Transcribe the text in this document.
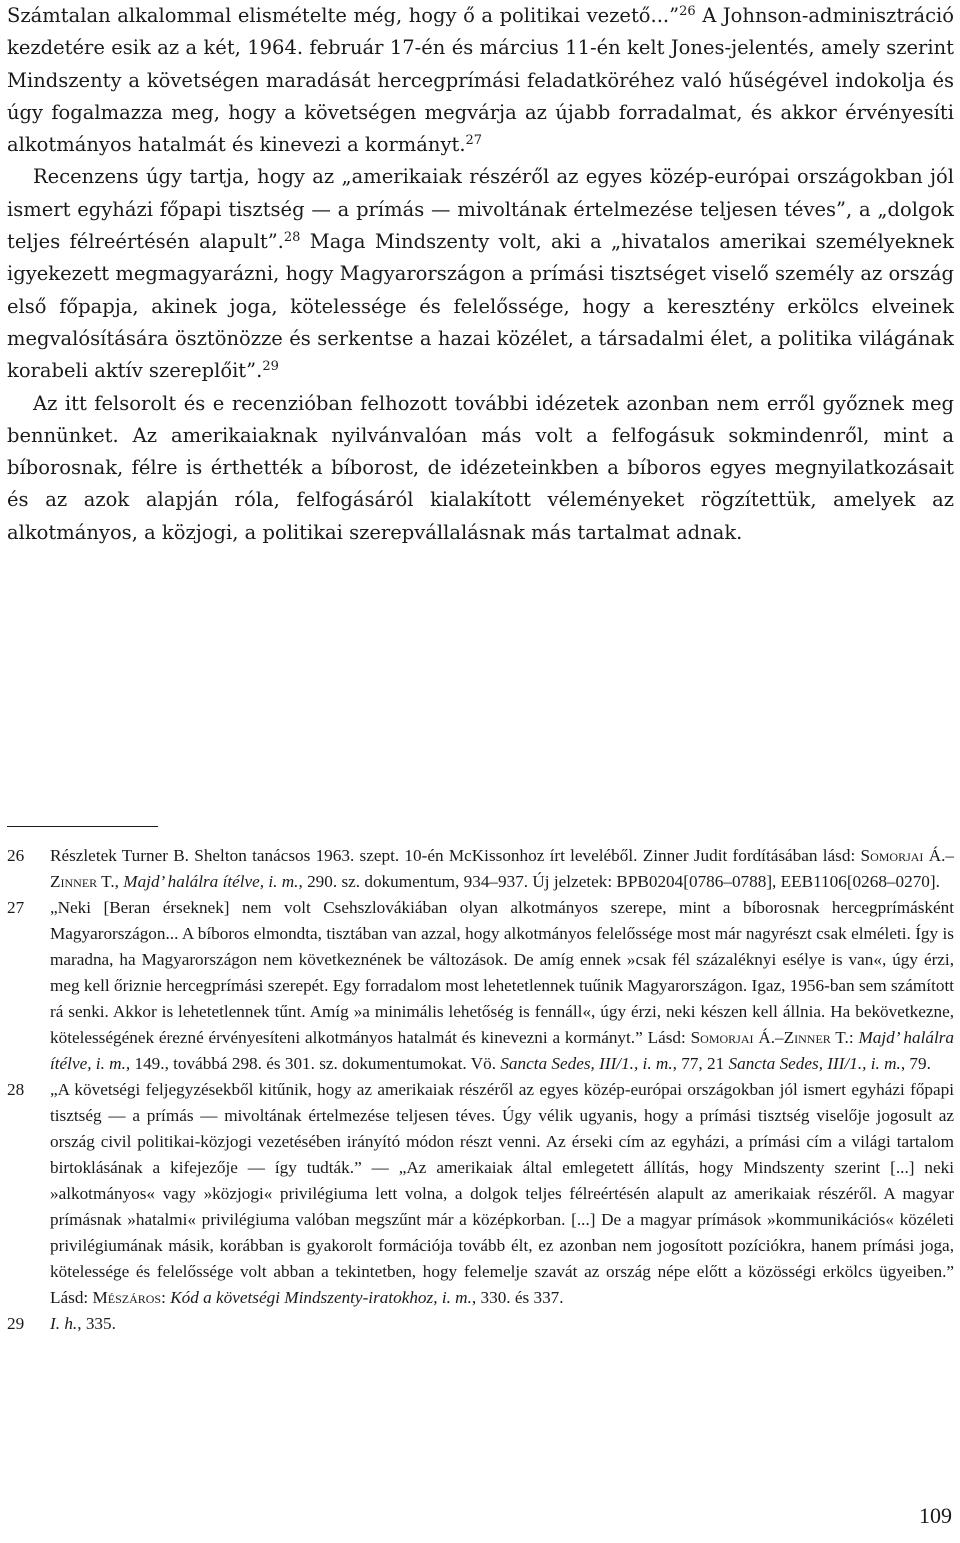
Számtalan alkalommal elismételte még, hogy ő a politikai vezető...”$^{26}$ A Johnson-adminisztráció kezdetére esik az a két, 1964. február 17-én és március 11-én kelt Jones-jelentés, amely szerint Mindszenty a követségen maradását hercegprímási feladatköréhez való hűségével indokolja és úgy fogalmazza meg, hogy a követségen megvárja az újabb forradalmat, és akkor érvényesíti alkotmányos hatalmát és kinevezi a kormányt.$^{27}$

Recenzens úgy tartja, hogy az „amerikaiak részéről az egyes közép-európai országokban jól ismert egyházi főpapi tisztség — a prímás — mivoltának értelmezése teljesen téves”, a „dolgok teljes félreértésén alapult”.$^{28}$ Maga Mindszenty volt, aki a „hivatalos amerikai személyeknek igyekezett megmagyarázni, hogy Magyarországon a prímási tisztséget viselő személy az ország első főpapja, akinek joga, kötelessége és felelőssége, hogy a keresztény erkölcs elveinek megvalósítására ösztönözze és serkentse a hazai közélet, a társadalmi élet, a politika világának korabeli aktív szereplőit”.$^{29}$

Az itt felsorolt és e recenzióban felhozott további idézetek azonban nem erről győznek meg bennünket. Az amerikaiaknak nyilvánvalóan más volt a felfogásuk sokmindenről, mint a bíborosnak, félre is érthették a bíborost, de idézeteinkben a bíboros egyes megnyilatkozásait és az azok alapján róla, felfogásáról kialakított véleményeket rögzítettük, amelyek az alkotmányos, a közjogi, a politikai szerepvállalásnak más tartalmat adnak.

26 Részletek Turner B. Shelton tanácsos 1963. szept. 10-én McKissonhoz írt leveléből. Zinner Judit fordításában lásd: Somorjai Á.–Zinner T., Majd’ halálra ítélve, i. m., 290. sz. dokumentum, 934–937. Új jelzetek: BPB0204[0786–0788], EEB1106[0268–0270].
27 „Neki [Beran érseknek] nem volt Csehszlovákiában olyan alkotmányos szerepe, mint a bíborosnak hercegprímásként Magyarországon... A bíboros elmondta, tisztában van azzal, hogy alkotmányos felelőssége most már nagyrészt csak elméleti. Így is maradna, ha Magyarországon nem következnének be változások. De amíg ennek »csak fél százaléknyi esélye is van«, úgy érzi, meg kell őriznie hercegprímási szerepét. Egy forradalom most lehetetlennek tuűnik Magyarországon. Igaz, 1956-ban sem számított rá senki. Akkor is lehetetlennek tűnt. Amíg »a minimális lehetőség is fennáll«, úgy érzi, neki készen kell állnia. Ha bekövetkezne, kötelességének érezné érvényesíteni alkotmányos hatalmát és kinevezni a kormányt.” Lásd: Somorjai Á.–Zinner T.: Majd’ halálra ítélve, i. m., 149., továbbá 298. és 301. sz. dokumentumokat. Vö. Sancta Sedes, III/1., i. m., 77, 21 Sancta Sedes, III/1., i. m., 79.
28 „A követségi feljegyzésekből kitűnik, hogy az amerikaiak részéről az egyes közép-európai országokban jól ismert egyházi főpapi tisztség — a prímás — mivoltának értelmezése teljesen téves. Úgy vélik ugyanis, hogy a prímási tisztség viselője jogosult az ország civil politikai-közjogi vezetésében irányító módon részt venni. Az érseki cím az egyházi, a prímási cím a világi tartalom birtoklásának a kifejezője — így tudták.” — „Az amerikaiak által emlegetett állítás, hogy Mindszenty szerint [...] neki »alkotmányos« vagy »közjogi« privilégiuma lett volna, a dolgok teljes félreértésén alapult az amerikaiak részéről. A magyar prímásnak »hatalmi« privilégiuma valóban megszűnt már a középkorban. [...] De a magyar prímások »kommunikációs« közéleti privilégiumának másik, korábban is gyakorolt formációja tovább élt, ez azonban nem jogosított pozíciókra, hanem prímási joga, kötelessége és felelőssége volt abban a tekintetben, hogy felemelje szavát az ország népe előtt a közösségi erkölcs ügyeiben.” Lásd: Mészáros: Kód a követségi Mindszenty-iratokhoz, i. m., 330. és 337.
29 I. h., 335.
109
